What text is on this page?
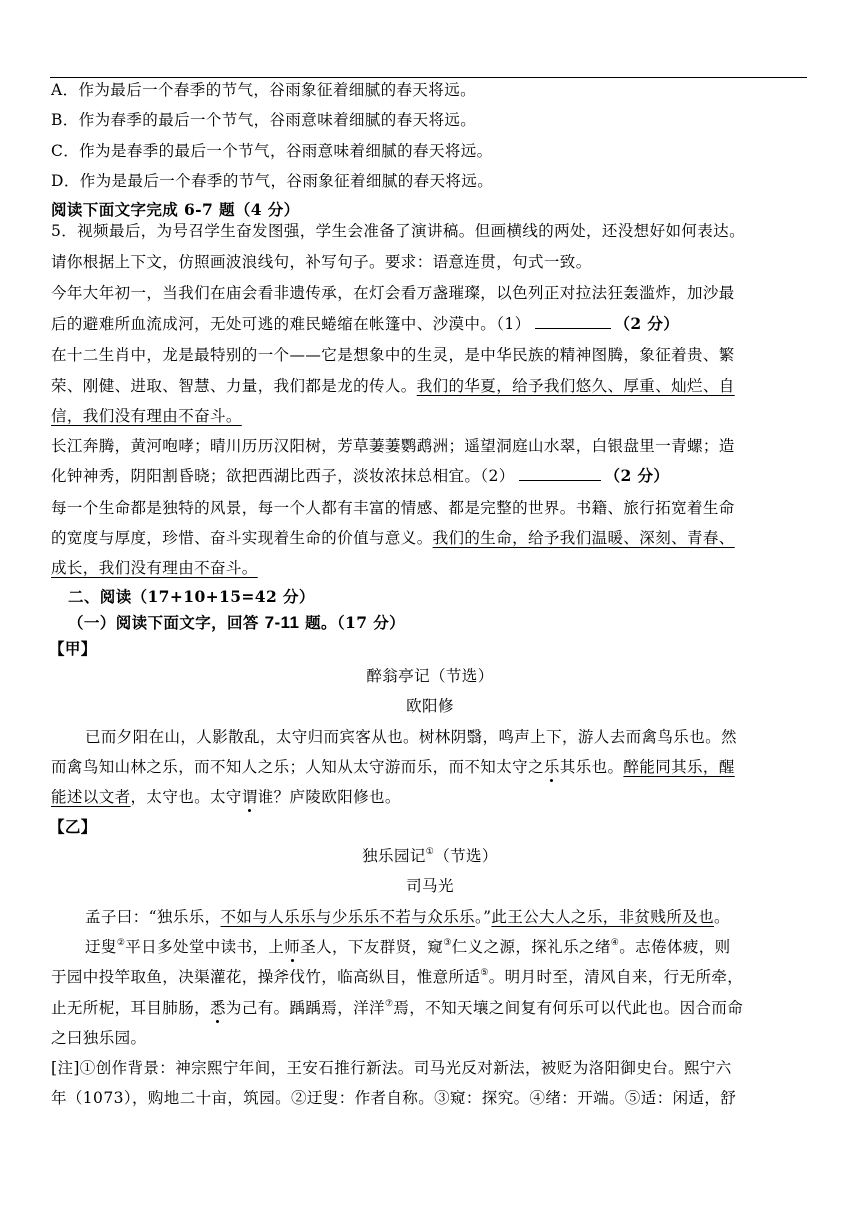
A．作为最后一个春季的节气，谷雨象征着细腻的春天将远。
B．作为春季的最后一个节气，谷雨意味着细腻的春天将远。
C．作为是春季的最后一个节气，谷雨意味着细腻的春天将远。
D．作为是最后一个春季的节气，谷雨象征着细腻的春天将远。
阅读下面文字完成 6-7 题（4 分）
5．视频最后，为号召学生奋发图强，学生会准备了演讲稿。但画横线的两处，还没想好如何表达。
请你根据上下文，仿照画波浪线句，补写句子。要求：语意连贯，句式一致。
今年大年初一，当我们在庙会看非遗传承，在灯会看万盏璀璨，以色列正对拉法狂轰滥炸，加沙最
后的避难所血流成河，无处可逃的难民蜷缩在帐篷中、沙漠中。（1）	（2 分）
在十二生肖中，龙是最特别的一个——它是想象中的生灵，是中华民族的精神图腾，象征着贵、繁
荣、刚健、进取、智慧、力量，我们都是龙的传人。我们的华夏，给予我们悠久、厚重、灿烂、自
信，我们没有理由不奋斗。
长江奔腾，黄河咆哮；晴川历历汉阳树，芳草萋萋鹦鹉洲；遥望洞庭山水翠，白银盘里一青螺；造
化钟神秀，阴阳割昏晓；欲把西湖比西子，淡妆浓抹总相宜。（2）	（2 分）
每一个生命都是独特的风景，每一个人都有丰富的情感、都是完整的世界。书籍、旅行拓宽着生命
的宽度与厚度，珍惜、奋斗实现着生命的价值与意义。我们的生命，给予我们温暖、深刻、青春、
成长，我们没有理由不奋斗。
二、阅读（17+10+15=42 分）
（一）阅读下面文字，回答 7-11 题。（17 分）
【甲】
醉翁亭记（节选）
欧阳修
已而夕阳在山，人影散乱，太守归而宾客从也。树林阴翳，鸣声上下，游人去而禽鸟乐也。然
而禽鸟知山林之乐，而不知人之乐；人知从太守游而乐，而不知太守之乐其乐也。醉能同其乐，醒
能述以文者，太守也。太守谓谁？庐陵欧阳修也。
【乙】
独乐园记①（节选）
司马光
孟子曰：“独乐乐，不如与人乐乐与少乐乐不若与众乐乐。”此王公大人之乐，非贫贱所及也。
迂叟②平日多处堂中读书，上师圣人，下友群贤，窥③仁义之源，探礼乐之绪④。志倦体疲，则
于园中投竿取鱼，决渠灌花，操斧伐竹，临高纵目，惟意所适⑤。明月时至，清风自来，行无所牵，
止无所柅，耳目肺肠，悉为己有。踽踽焉，洋洋⑦焉，不知天壤之间复有何乐可以代此也。因合而命
之曰独乐园。
[注]①创作背景：神宗熙宁年间，王安石推行新法。司马光反对新法，被贬为洛阳御史台。熙宁六
年（1073），购地二十亩，筑园。②迂叟：作者自称。③窥：探究。④绪：开端。⑤适：闲适，舒
